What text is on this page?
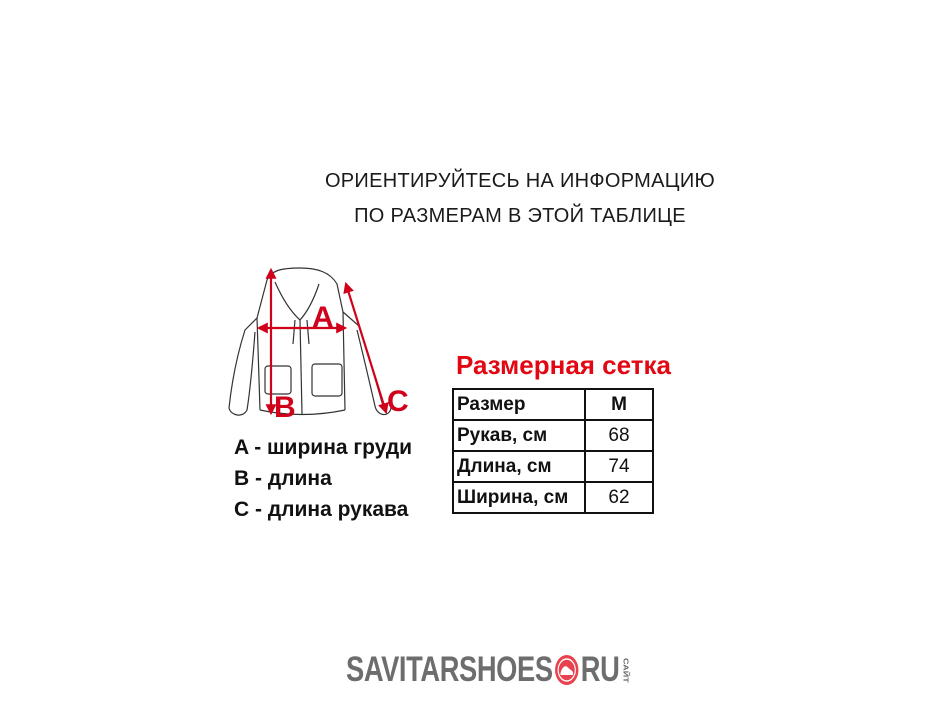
ОРИЕНТИРУЙТЕСЬ НА ИНФОРМАЦИЮ
ПО РАЗМЕРАМ В ЭТОЙ ТАБЛИЦЕ
A
B	C
A - ширина груди
B - длина
C - длина рукава
Размерная сетка
Размер	M
Рукав, см	68
Длина, см	74
Ширина, см	62
SAVITARSHOES RU САЙТ
